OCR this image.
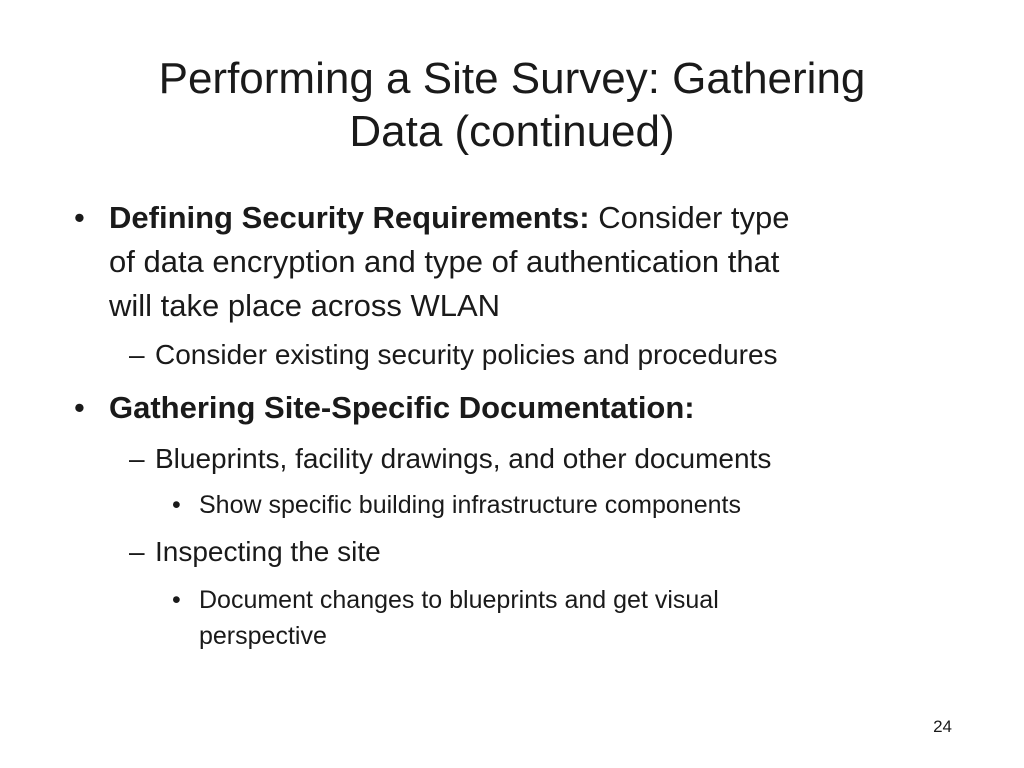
Performing a Site Survey: Gathering
Data (continued)
• Defining Security Requirements: Consider type
of data encryption and type of authentication that
will take place across WLAN
– Consider existing security policies and procedures
• Gathering Site-Specific Documentation:
– Blueprints, facility drawings, and other documents
• Show specific building infrastructure components
– Inspecting the site
• Document changes to blueprints and get visual
perspective
24
